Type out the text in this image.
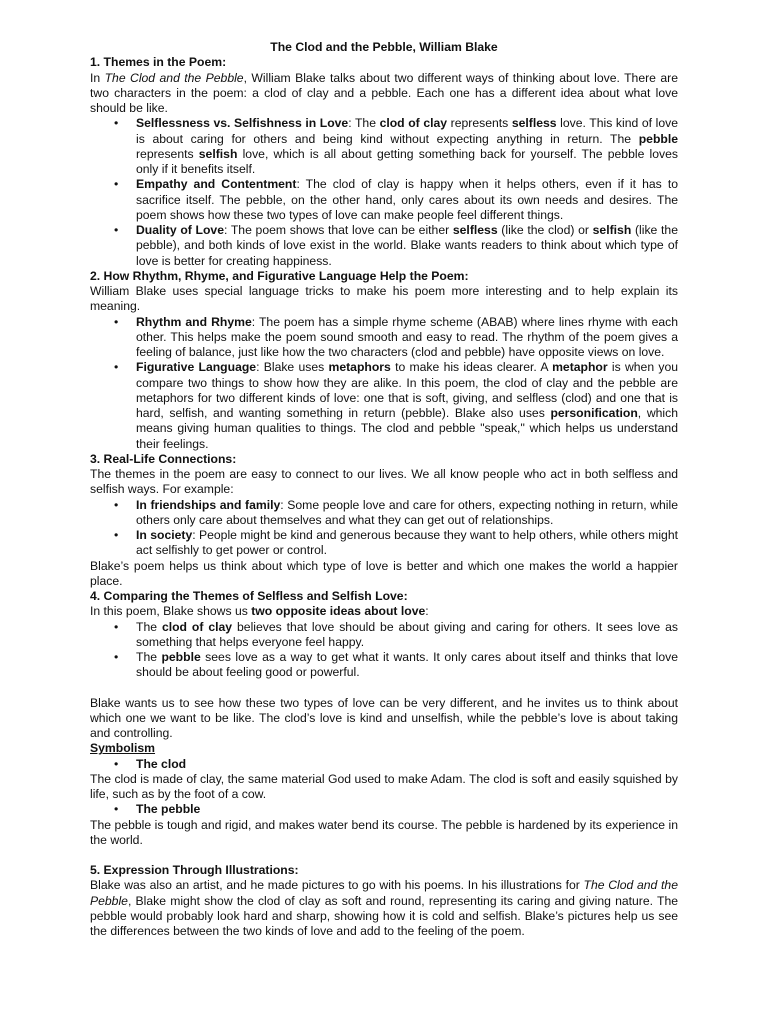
The Clod and the Pebble, William Blake

1. Themes in the Poem:

In The Clod and the Pebble, William Blake talks about two different ways of thinking about love. There are two characters in the poem: a clod of clay and a pebble. Each one has a different idea about what love should be like.

• Selflessness vs. Selfishness in Love: The clod of clay represents selfless love. This kind of love is about caring for others and being kind without expecting anything in return. The pebble represents selfish love, which is all about getting something back for yourself. The pebble loves only if it benefits itself.
• Empathy and Contentment: The clod of clay is happy when it helps others, even if it has to sacrifice itself. The pebble, on the other hand, only cares about its own needs and desires. The poem shows how these two types of love can make people feel different things.
• Duality of Love: The poem shows that love can be either selfless (like the clod) or selfish (like the pebble), and both kinds of love exist in the world. Blake wants readers to think about which type of love is better for creating happiness.

2. How Rhythm, Rhyme, and Figurative Language Help the Poem:

William Blake uses special language tricks to make his poem more interesting and to help explain its meaning.

• Rhythm and Rhyme: The poem has a simple rhyme scheme (ABAB) where lines rhyme with each other. This helps make the poem sound smooth and easy to read. The rhythm of the poem gives a feeling of balance, just like how the two characters (clod and pebble) have opposite views on love.
• Figurative Language: Blake uses metaphors to make his ideas clearer. A metaphor is when you compare two things to show how they are alike. In this poem, the clod of clay and the pebble are metaphors for two different kinds of love: one that is soft, giving, and selfless (clod) and one that is hard, selfish, and wanting something in return (pebble). Blake also uses personification, which means giving human qualities to things. The clod and pebble "speak," which helps us understand their feelings.

3. Real-Life Connections:

The themes in the poem are easy to connect to our lives. We all know people who act in both selfless and selfish ways. For example:

• In friendships and family: Some people love and care for others, expecting nothing in return, while others only care about themselves and what they can get out of relationships.
• In society: People might be kind and generous because they want to help others, while others might act selfishly to get power or control.

Blake’s poem helps us think about which type of love is better and which one makes the world a happier place.

4. Comparing the Themes of Selfless and Selfish Love:

In this poem, Blake shows us two opposite ideas about love:

• The clod of clay believes that love should be about giving and caring for others. It sees love as something that helps everyone feel happy.
• The pebble sees love as a way to get what it wants. It only cares about itself and thinks that love should be about feeling good or powerful.

Blake wants us to see how these two types of love can be very different, and he invites us to think about which one we want to be like. The clod’s love is kind and unselfish, while the pebble’s love is about taking and controlling.

Symbolism

• The clod

The clod is made of clay, the same material God used to make Adam. The clod is soft and easily squished by life, such as by the foot of a cow.

• The pebble

The pebble is tough and rigid, and makes water bend its course. The pebble is hardened by its experience in the world.

5. Expression Through Illustrations:

Blake was also an artist, and he made pictures to go with his poems. In his illustrations for The Clod and the Pebble, Blake might show the clod of clay as soft and round, representing its caring and giving nature. The pebble would probably look hard and sharp, showing how it is cold and selfish. Blake’s pictures help us see the differences between the two kinds of love and add to the feeling of the poem.
